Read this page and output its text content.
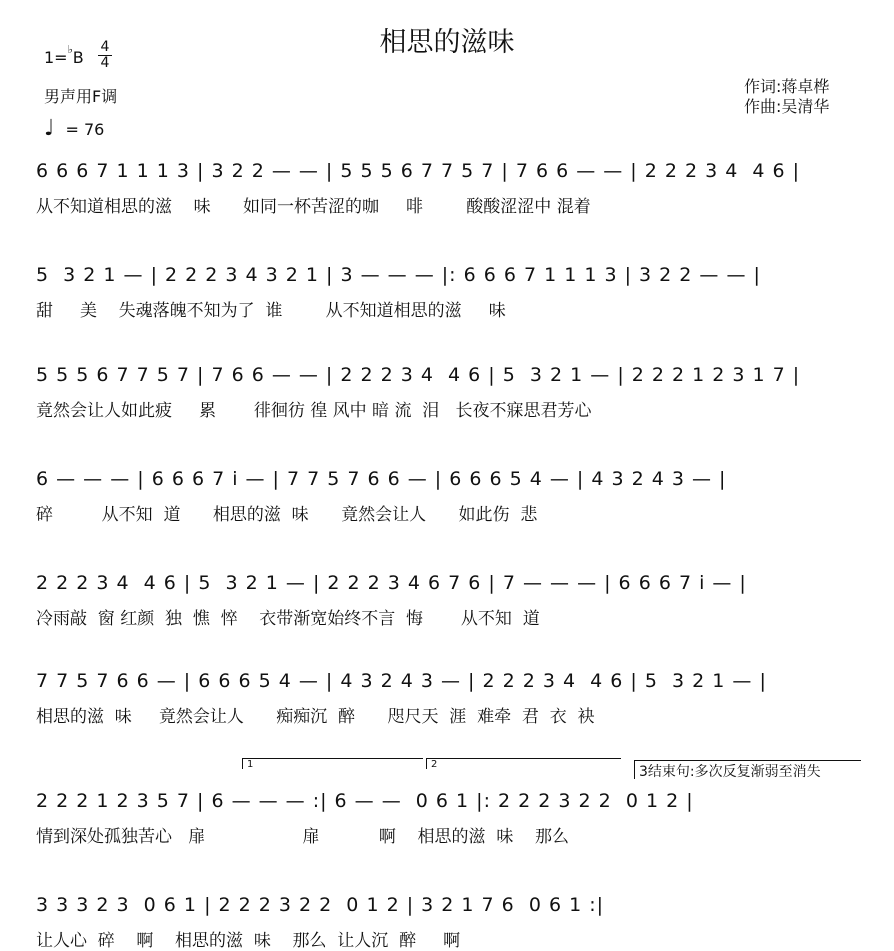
相思的滋味
1=♭B
4
4
男声用F调
♩ = 76
作词:蒋卓桦
作曲:吴清华
6 6 6 7 1 1 1 3 | 3 2 2 — — | 5 5 5 6 7 7 5 7 | 7 6 6 — — | 2 2 2 3 4  4 6 |
从不知道相思的滋    味      如同一杯苦涩的咖     啡        酸酸涩涩中 混着
5  3 2 1 — | 2 2 2 3 4 3 2 1 | 3 — — — |: 6 6 6 7 1 1 1 3 | 3 2 2 — — |
甜     美    失魂落魄不知为了  谁        从不知道相思的滋     味
5 5 5 6 7 7 5 7 | 7 6 6 — — | 2 2 2 3 4  4 6 | 5  3 2 1 — | 2 2 2 1 2 3 1 7 |
竟然会让人如此疲     累       徘徊彷 徨 风中 暗 流  泪   长夜不寐思君芳心
6 — — — | 6 6 6 7 i — | 7 7 5 7 6 6 — | 6 6 6 5 4 — | 4 3 2 4 3 — |
碎         从不知  道      相思的滋  味      竟然会让人      如此伤  悲
2 2 2 3 4  4 6 | 5  3 2 1 — | 2 2 2 3 4 6 7 6 | 7 — — — | 6 6 6 7 i — |
冷雨敲  窗 红颜  独  憔  悴    衣带渐宽始终不言  悔       从不知  道
7 7 5 7 6 6 — | 6 6 6 5 4 — | 4 3 2 4 3 — | 2 2 2 3 4  4 6 | 5  3 2 1 — |
相思的滋  味     竟然会让人      痴痴沉  醉      咫尺天  涯  难牵  君  衣  袂
1	2	3结束句:多次反复渐弱至消失
2 2 2 1 2 3 5 7 | 6 — — — :| 6 — —  0 6 1 |: 2 2 2 3 2 2  0 1 2 |
情到深处孤独苦心   扉                  扉           啊    相思的滋  味    那么
3 3 3 2 3  0 6 1 | 2 2 2 3 2 2  0 1 2 | 3 2 1 7 6  0 6 1 :|
让人心  碎    啊    相思的滋  味    那么  让人沉  醉     啊
